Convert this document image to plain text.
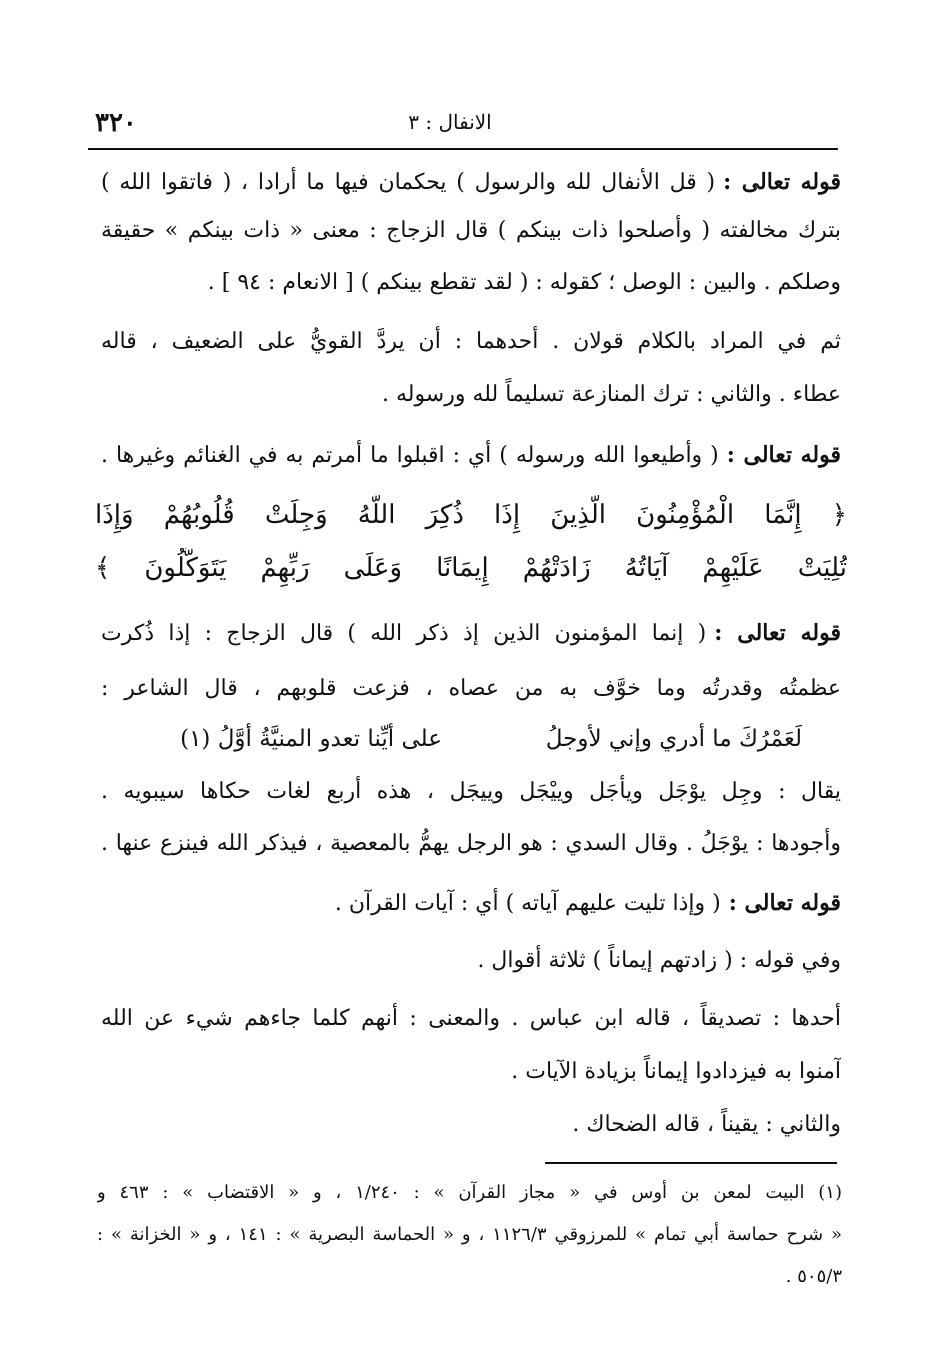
٣٢٠	الانفال : ٣
قوله تعالى :( قل الأنفال لله والرسول ) يحكمان فيها ما أرادا ، ( فاتقوا الله )
بترك مخالفته ( وأصلحوا ذات بينكم ) قال الزجاج : معنى « ذات بينكم » حقيقة
وصلكم . والبين : الوصل ؛ كقوله : ( لقد تقطع بينكم ) [ الانعام : ٩٤ ] .
ثم في المراد بالكلام قولان . أحدهما : أن يردَّ القويُّ على الضعيف ، قاله
عطاء . والثاني : ترك المنازعة تسليماً لله ورسوله .
قوله تعالى :( وأطيعوا الله ورسوله ) أي : اقبلوا ما أمرتم به في الغنائم وغيرها .
﴿ إِنَّمَا الْمُؤْمِنُونَ الَّذِينَ إِذَا ذُكِرَ اللَّهُ وَجِلَتْ قُلُوبُهُمْ وَإِذَا
تُلِيَتْ عَلَيْهِمْ آيَاتُهُ زَادَتْهُمْ إِيمَانًا وَعَلَى رَبِّهِمْ يَتَوَكَّلُونَ ﴾
قوله تعالى :( إنما المؤمنون الذين إذ ذكر الله ) قال الزجاج : إذا ذُكرت
عظمتُه وقدرتُه وما خوَّف به من عصاه ، فزعت قلوبهم ، قال الشاعر :
لَعَمْرُكَ ما أدري وإني لأوجلُ
على أيِّنا تعدو المنيَّةُ أوَّلُ (١)
يقال : وجِل يوْجَل ويأجَل وييْجَل وييجَل ، هذه أربع لغات حكاها سيبويه .
وأجودها : يوْجَلُ . وقال السدي : هو الرجل يهمُّ بالمعصية ، فيذكر الله فينزع عنها .
قوله تعالى :( وإذا تليت عليهم آياته ) أي : آيات القرآن .
وفي قوله : ( زادتهم إيماناً ) ثلاثة أقوال .
أحدها : تصديقاً ، قاله ابن عباس . والمعنى : أنهم كلما جاءهم شيء عن الله
آمنوا به فيزدادوا إيماناً بزيادة الآيات .
والثاني : يقيناً ، قاله الضحاك .
(١) البيت لمعن بن أوس في « مجاز القرآن » : ١/٢٤٠ ، و « الاقتضاب » : ٤٦٣ و
« شرح حماسة أبي تمام » للمرزوقي ١١٢٦/٣ ، و « الحماسة البصرية » : ١٤١ ، و « الخزانة » :
٥٠٥/٣ .
